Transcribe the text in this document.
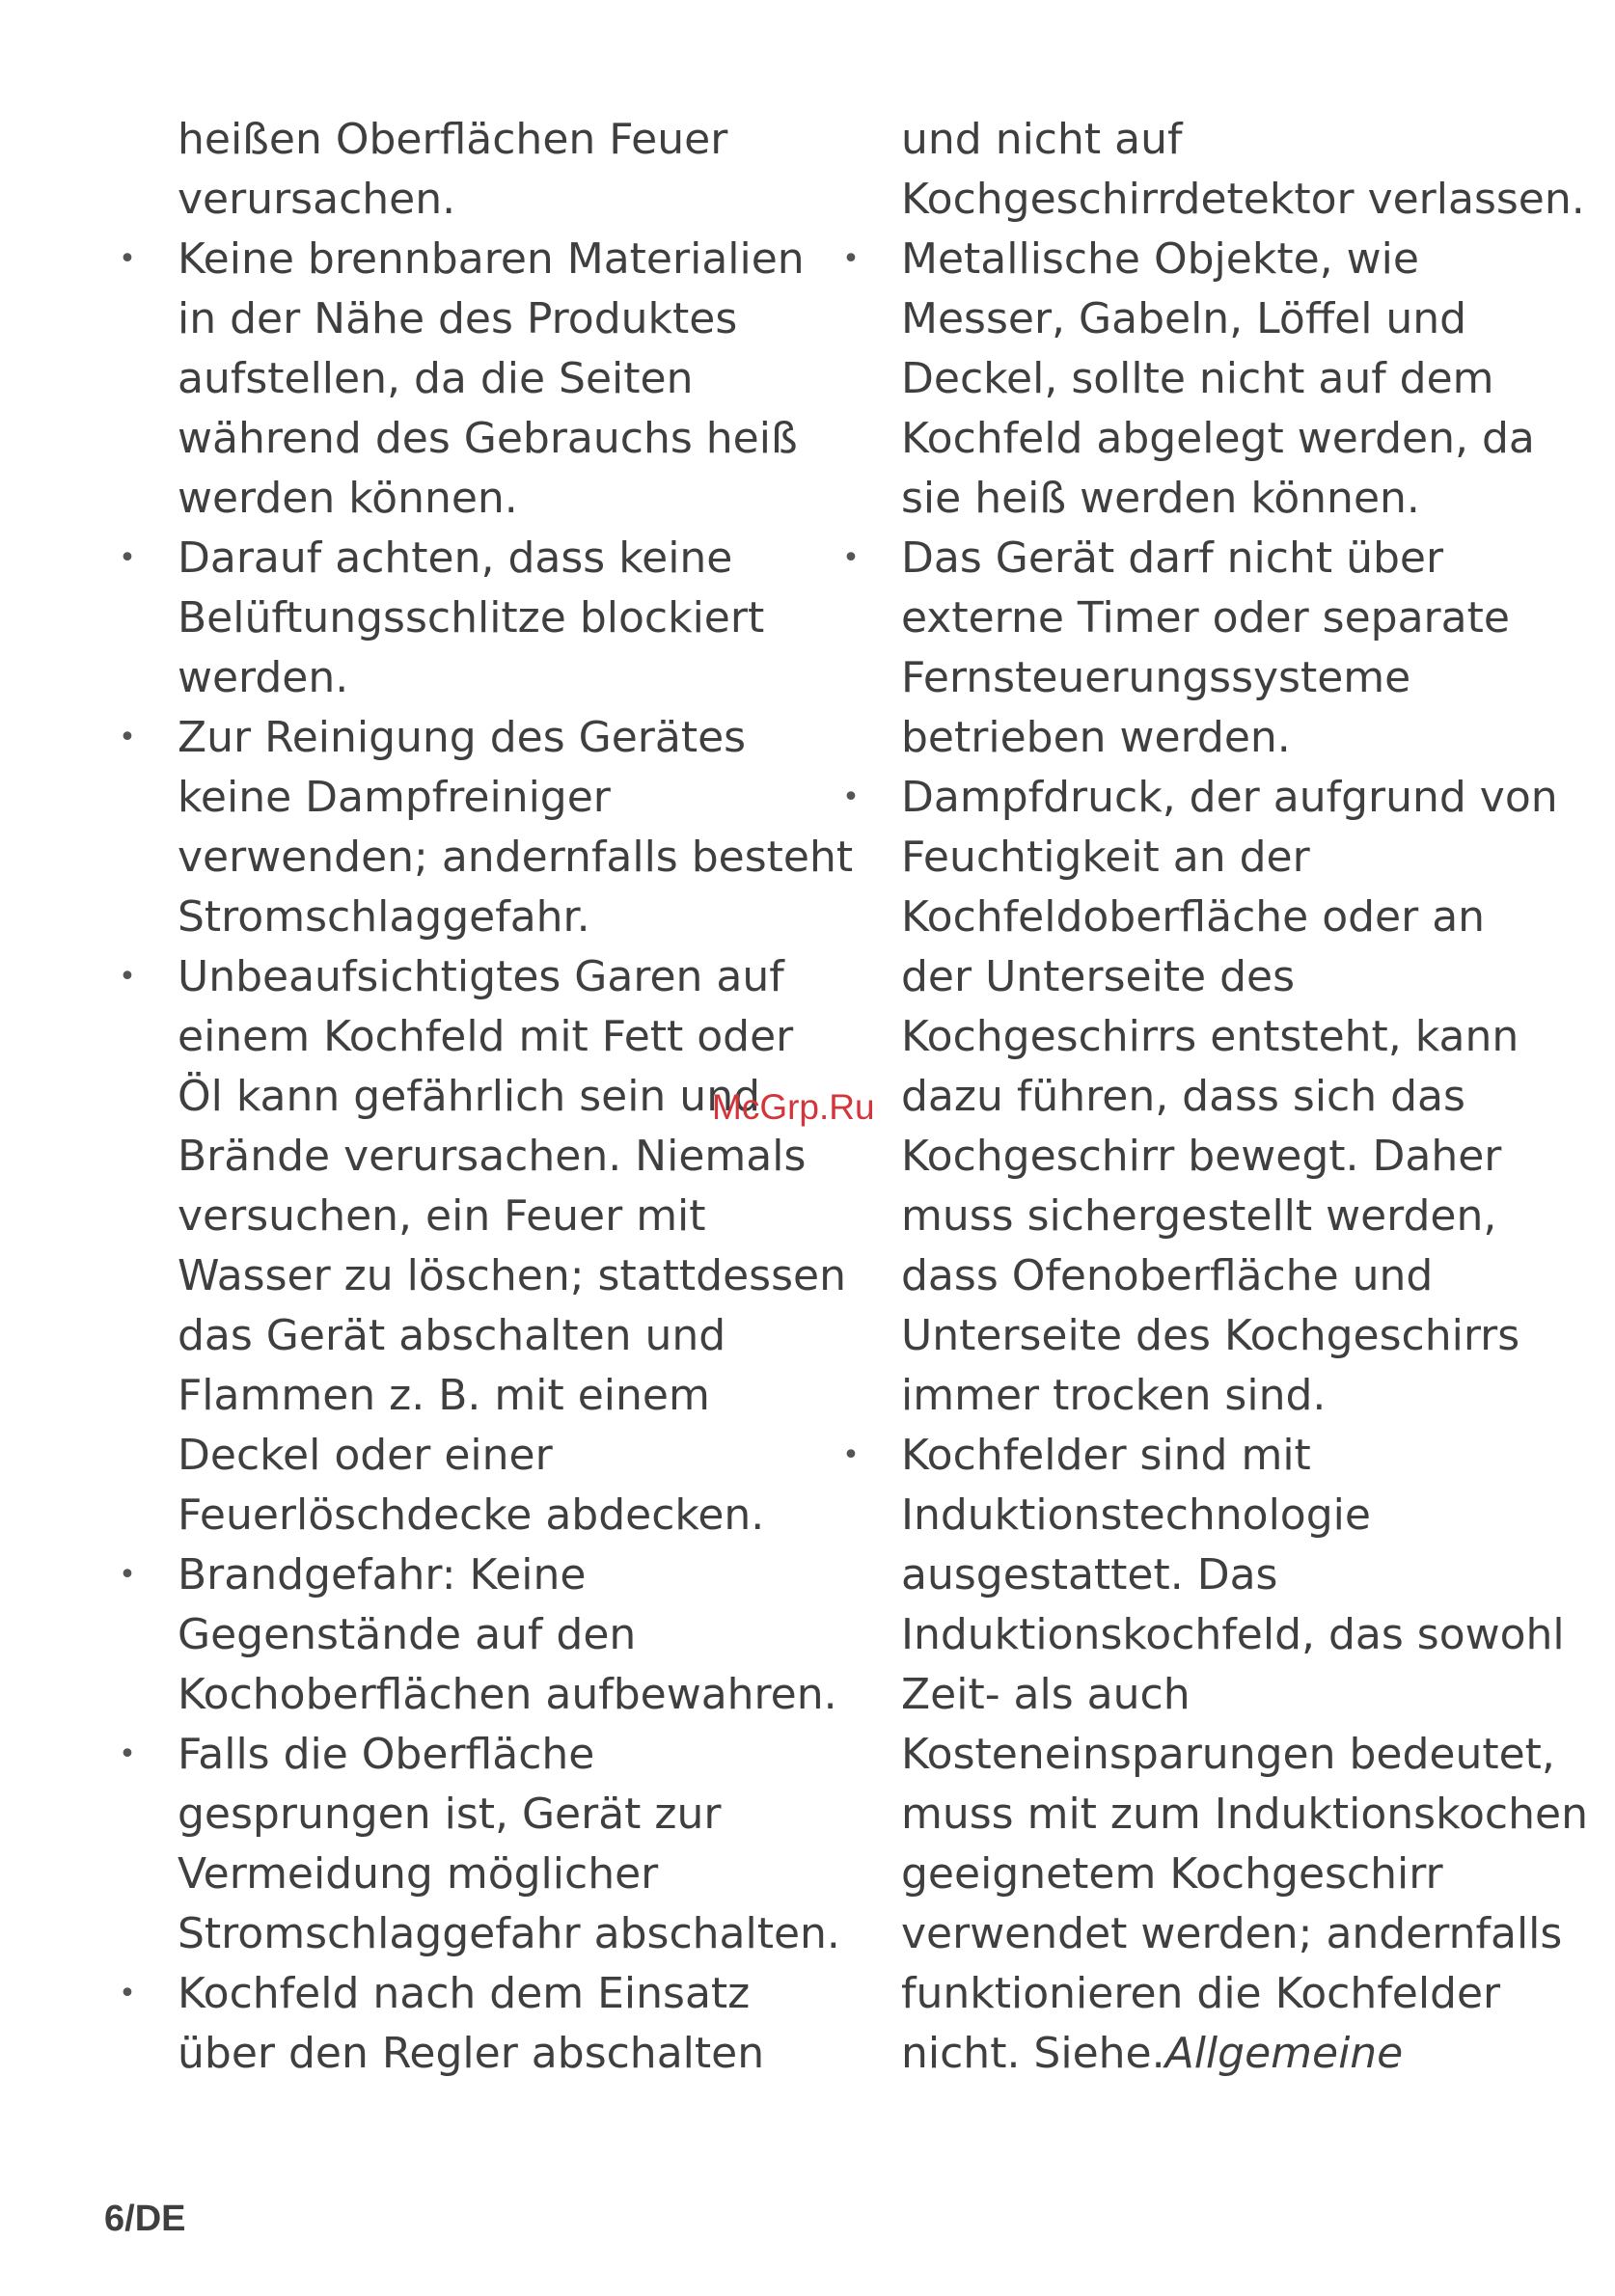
heißen Oberflächen Feuer
verursachen.
• Keine brennbaren Materialien
in der Nähe des Produktes
aufstellen, da die Seiten
während des Gebrauchs heiß
werden können.
• Darauf achten, dass keine
Belüftungsschlitze blockiert
werden.
• Zur Reinigung des Gerätes
keine Dampfreiniger
verwenden; andernfalls besteht
Stromschlaggefahr.
• Unbeaufsichtigtes Garen auf
einem Kochfeld mit Fett oder
Öl kann gefährlich sein und
Brände verursachen. Niemals
versuchen, ein Feuer mit
Wasser zu löschen; stattdessen
das Gerät abschalten und
Flammen z. B. mit einem
Deckel oder einer
Feuerlöschdecke abdecken.
• Brandgefahr: Keine
Gegenstände auf den
Kochoberflächen aufbewahren.
• Falls die Oberfläche
gesprungen ist, Gerät zur
Vermeidung möglicher
Stromschlaggefahr abschalten.
• Kochfeld nach dem Einsatz
über den Regler abschalten
und nicht auf
Kochgeschirrdetektor verlassen.
• Metallische Objekte, wie
Messer, Gabeln, Löffel und
Deckel, sollte nicht auf dem
Kochfeld abgelegt werden, da
sie heiß werden können.
• Das Gerät darf nicht über
externe Timer oder separate
Fernsteuerungssysteme
betrieben werden.
• Dampfdruck, der aufgrund von
Feuchtigkeit an der
Kochfeldoberfläche oder an
der Unterseite des
Kochgeschirrs entsteht, kann
dazu führen, dass sich das
Kochgeschirr bewegt. Daher
muss sichergestellt werden,
dass Ofenoberfläche und
Unterseite des Kochgeschirrs
immer trocken sind.
• Kochfelder sind mit
Induktionstechnologie
ausgestattet. Das
Induktionskochfeld, das sowohl
Zeit- als auch
Kosteneinsparungen bedeutet,
muss mit zum Induktionskochen
geeignetem Kochgeschirr
verwendet werden; andernfalls
funktionieren die Kochfelder
nicht. Siehe.Allgemeine
McGrp.Ru
6/DE
